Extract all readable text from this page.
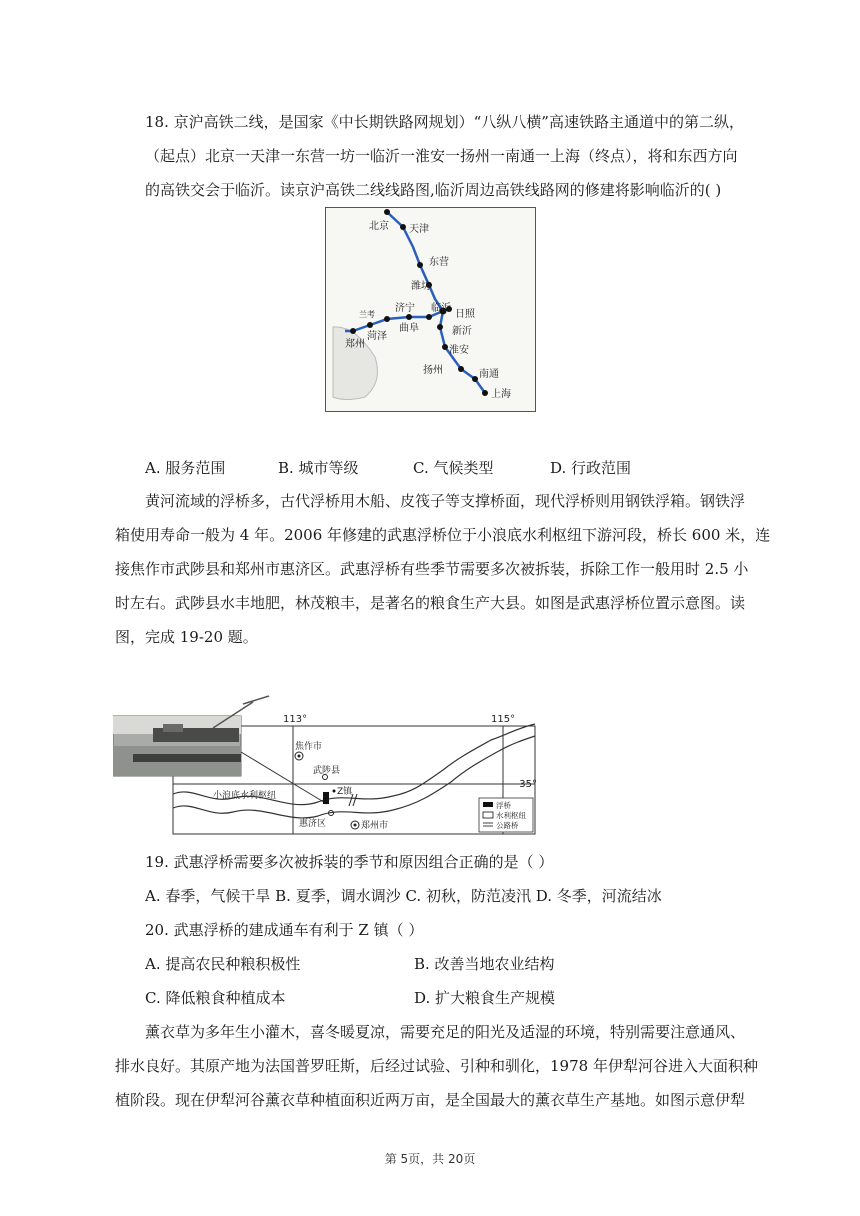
18. 京沪高铁二线，是国家《中长期铁路网规划）“八纵八横”高速铁路主通道中的第二纵，
（起点）北京一天津一东营一坊一临沂一淮安一扬州一南通一上海（终点），将和东西方向
的高铁交会于临沂。读京沪高铁二线线路图,临沂周边高铁线路网的修建将影响临沂的( )
北京 天津
东营
潍坊
济宁 临沂
日照
兰考
菏泽
曲阜	新沂
郑州
淮安
扬州	南通
上海
A. 服务范围	B. 城市等级	C. 气候类型	D. 行政范围
黄河流域的浮桥多，古代浮桥用木船、皮筏子等支撑桥面，现代浮桥则用钢铁浮箱。钢铁浮
箱使用寿命一般为 4 年。2006 年修建的武惠浮桥位于小浪底水利枢纽下游河段，桥长 600 米，连
接焦作市武陟县和郑州市惠济区。武惠浮桥有些季节需要多次被拆装，拆除工作一般用时 2.5 小
时左右。武陟县水丰地肥，林茂粮丰，是著名的粮食生产大县。如图是武惠浮桥位置示意图。读
图，完成 19-20 题。
113°	115°
35°
焦作市
武陟县
小浪底水利枢纽	Z镇
惠济区	郑州市
浮桥
水利枢纽
公路桥
19. 武惠浮桥需要多次被拆装的季节和原因组合正确的是（ ）
A. 春季，气候干旱 B. 夏季，调水调沙 C. 初秋，防范凌汛 D. 冬季，河流结冰
20. 武惠浮桥的建成通车有利于 Z 镇（ ）
A. 提高农民种粮积极性	B. 改善当地农业结构
C. 降低粮食种植成本	D. 扩大粮食生产规模
薰衣草为多年生小灌木，喜冬暖夏凉，需要充足的阳光及适湿的环境，特别需要注意通风、
排水良好。其原产地为法国普罗旺斯，后经过试验、引种和驯化，1978 年伊犁河谷进入大面积种
植阶段。现在伊犁河谷薰衣草种植面积近两万亩，是全国最大的薰衣草生产基地。如图示意伊犁
第 5页，共 20页
